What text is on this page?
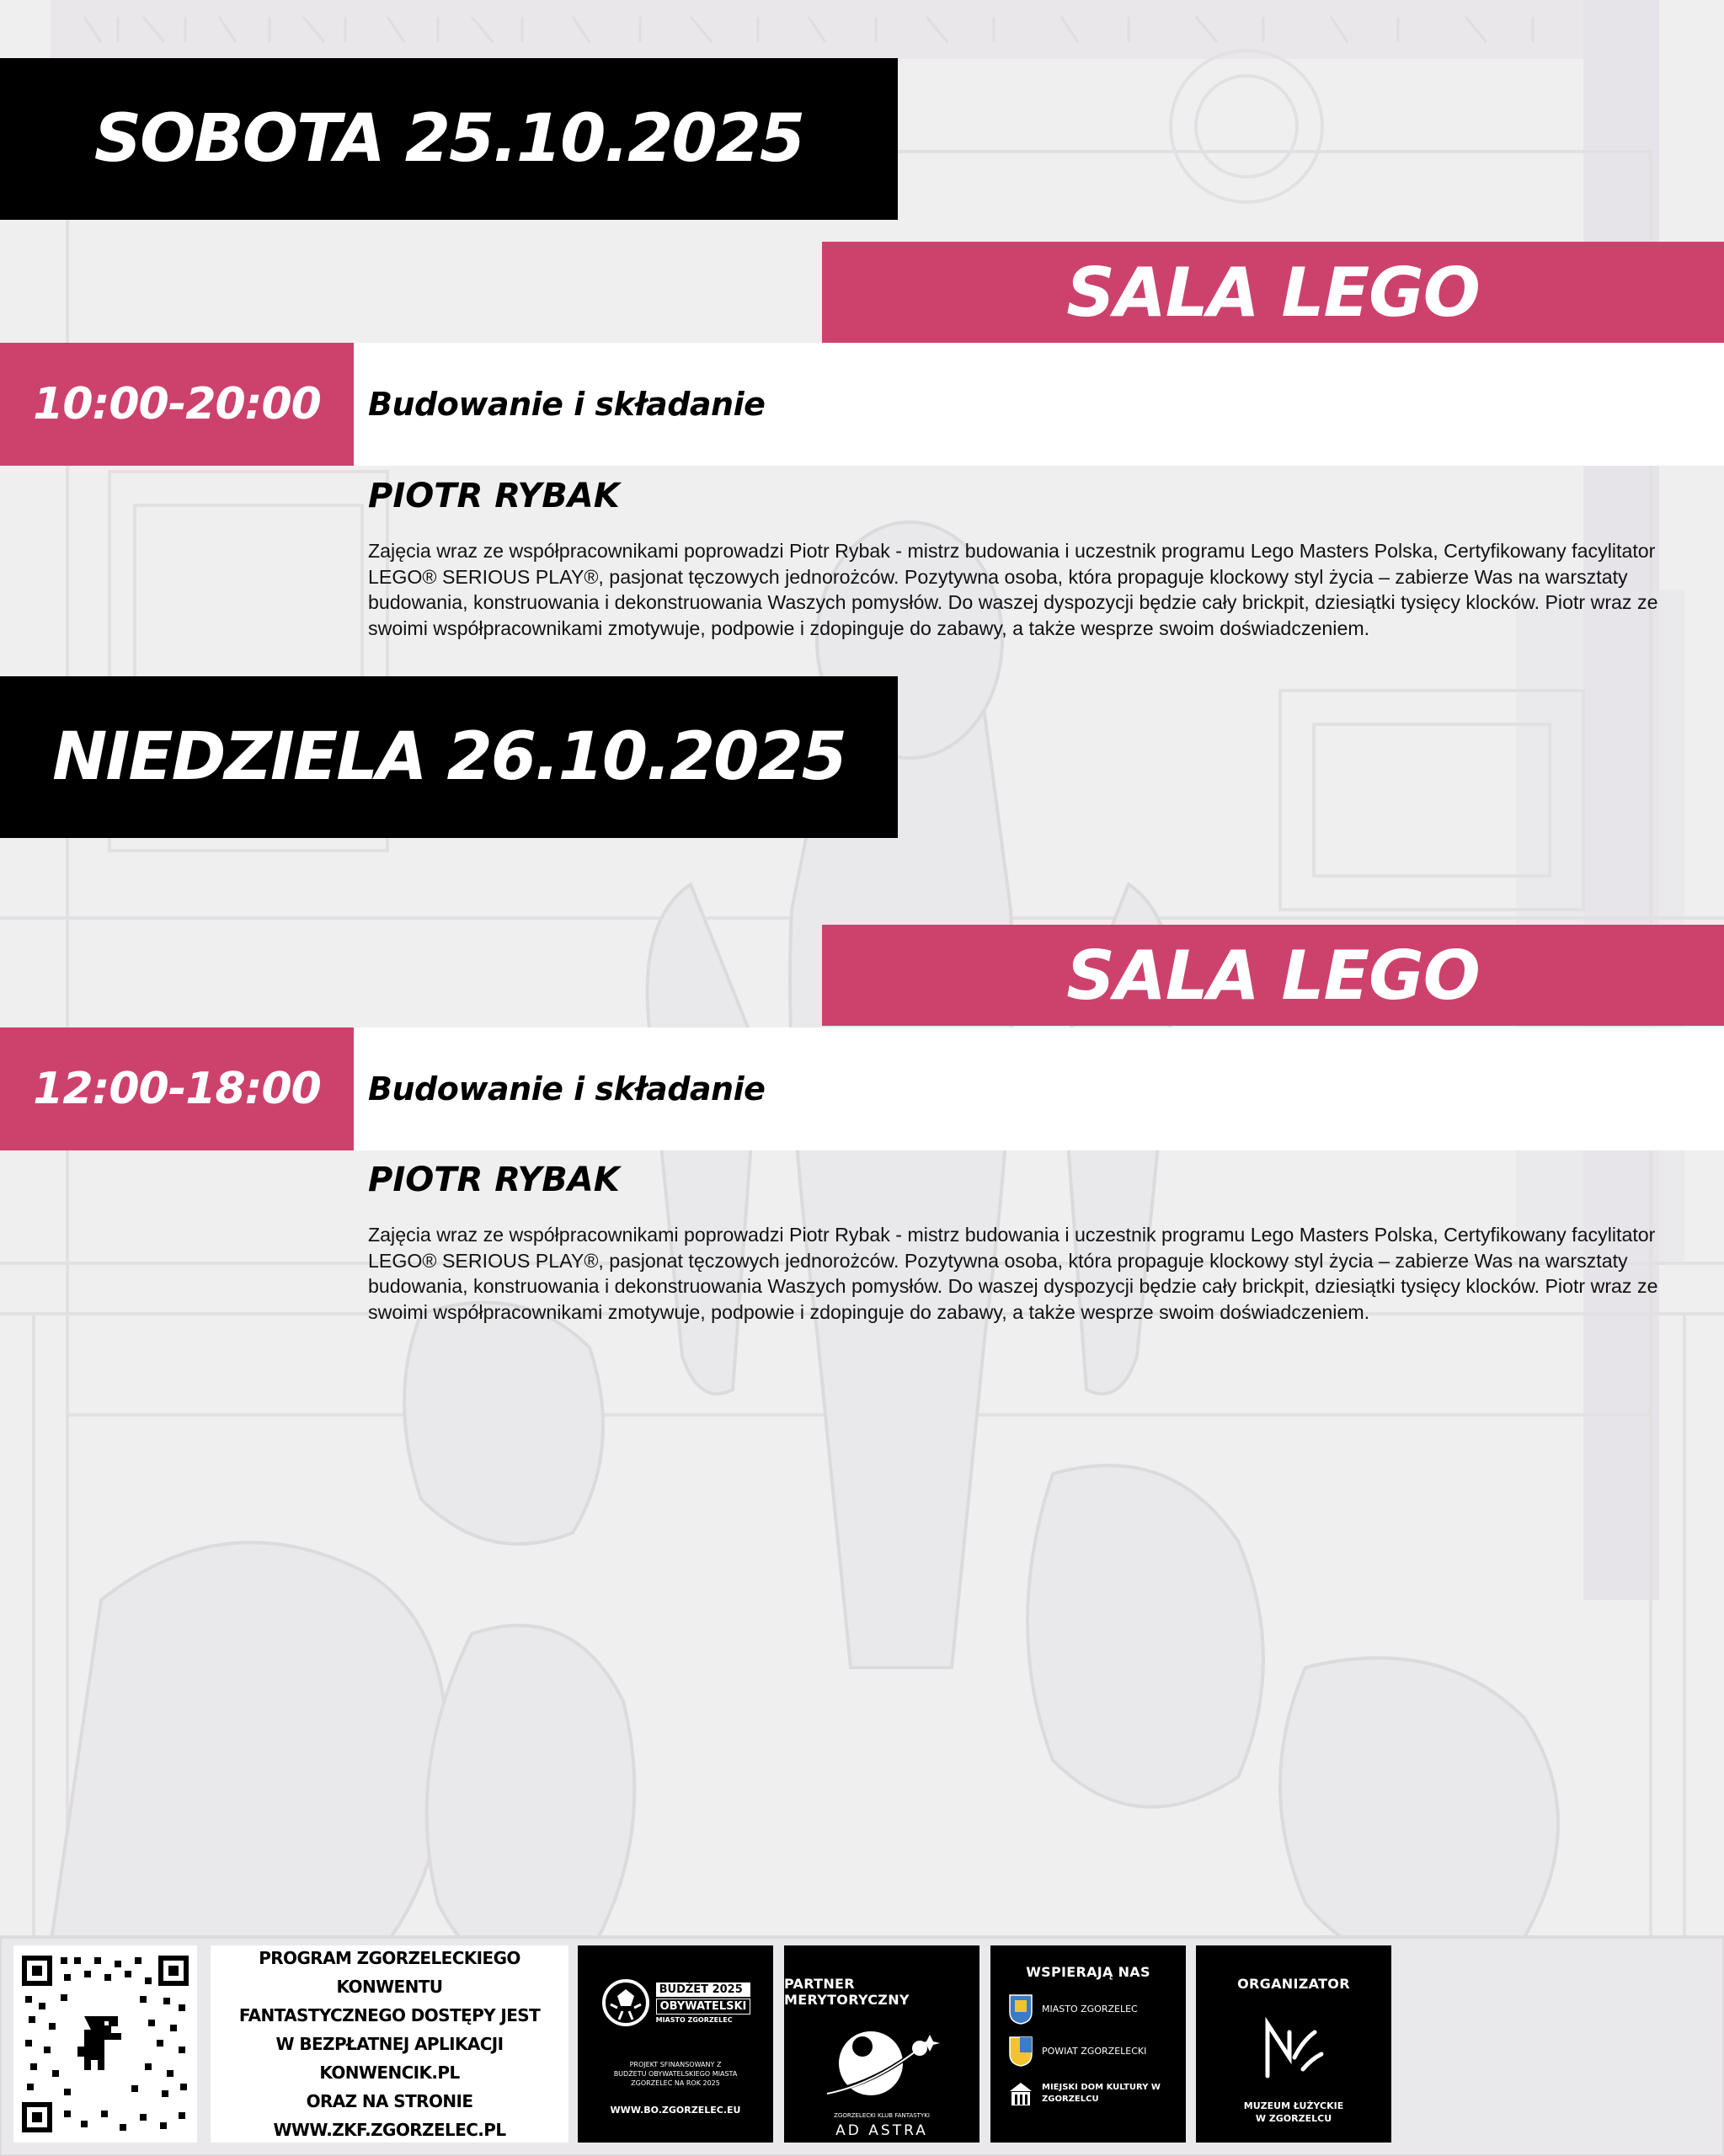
SOBOTA 25.10.2025
SALA LEGO
10:00-20:00 Budowanie i składanie
PIOTR RYBAK
Zajęcia wraz ze współpracownikami poprowadzi Piotr Rybak - mistrz budowania i uczestnik programu Lego Masters Polska, Certyfikowany facylitator LEGO® SERIOUS PLAY®, pasjonat tęczowych jednorożców. Pozytywna osoba, która propaguje klockowy styl życia – zabierze Was na warsztaty budowania, konstruowania i dekonstruowania Waszych pomysłów. Do waszej dyspozycji będzie cały brickpit, dziesiątki tysięcy klocków. Piotr wraz ze swoimi współpracownikami zmotywuje, podpowie i zdopinguje do zabawy, a także wesprze swoim doświadczeniem.
NIEDZIELA 26.10.2025
SALA LEGO
12:00-18:00 Budowanie i składanie
PIOTR RYBAK
Zajęcia wraz ze współpracownikami poprowadzi Piotr Rybak - mistrz budowania i uczestnik programu Lego Masters Polska, Certyfikowany facylitator LEGO® SERIOUS PLAY®, pasjonat tęczowych jednorożców. Pozytywna osoba, która propaguje klockowy styl życia – zabierze Was na warsztaty budowania, konstruowania i dekonstruowania Waszych pomysłów. Do waszej dyspozycji będzie cały brickpit, dziesiątki tysięcy klocków. Piotr wraz ze swoimi współpracownikami zmotywuje, podpowie i zdopinguje do zabawy, a także wesprze swoim doświadczeniem.
PROGRAM ZGORZELECKIEGO KONWENTU
FANTASTYCZNEGO DOSTĘPY JEST
W BEZPŁATNEJ APLIKACJI
KONWENCIK.PL
ORAZ NA STRONIE
WWW.ZKF.ZGORZELEC.PL
BUDŻET 2025
OBYWATELSKI
MIASTO ZGORZELEC
PROJEKT SFINANSOWANY Z BUDŻETU OBYWATELSKIEGO MIASTA ZGORZELEC NA ROK 2025
WWW.BO.ZGORZELEC.EU
PARTNER MERYTORYCZNY
ZGORZELECKI KLUB FANTASTYKI
AD ASTRA
WSPIERAJĄ NAS
MIASTO ZGORZELEC
POWIAT ZGORZELECKI
MIEJSKI DOM KULTURY W ZGORZELCU
ORGANIZATOR
MUZEUM ŁUŻYCKIE
W ZGORZELCU
